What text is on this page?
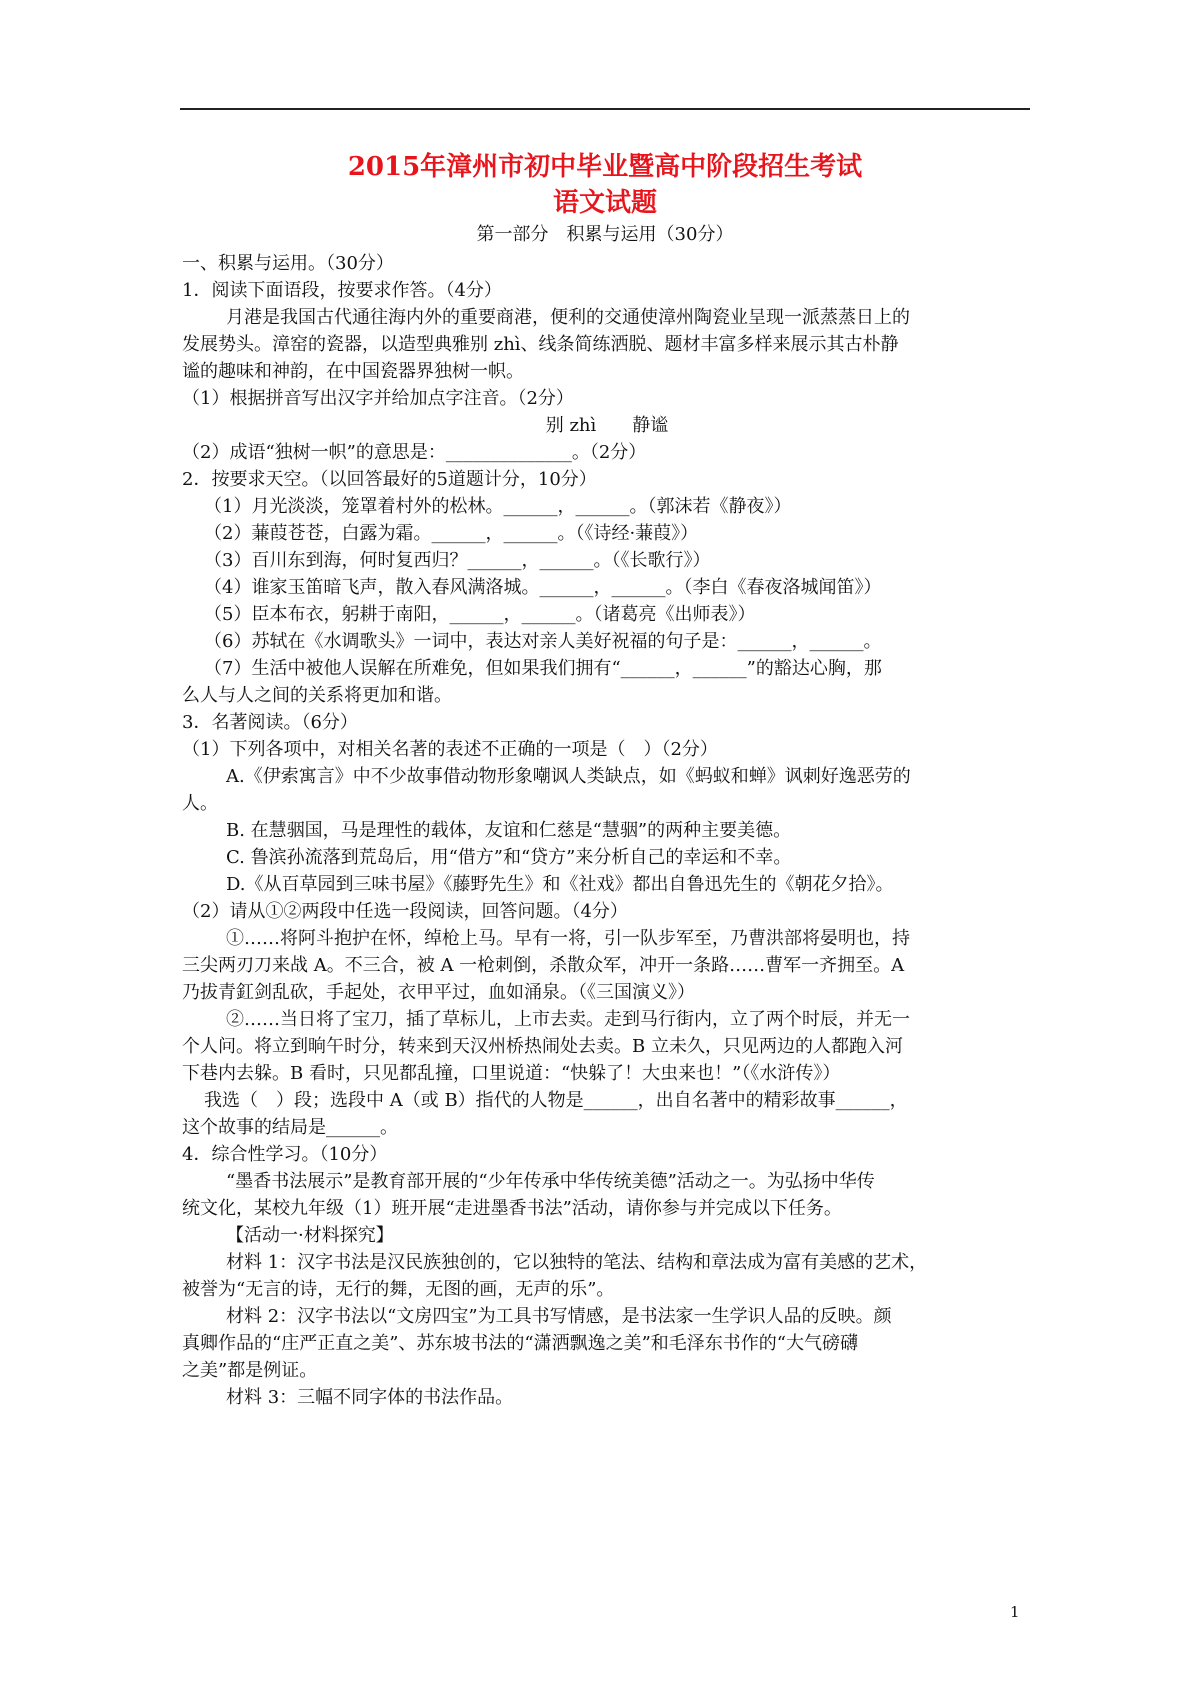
2015年漳州市初中毕业暨高中阶段招生考试
语文试题
第一部分　积累与运用（30分）
一、积累与运用。（30分）
1．阅读下面语段，按要求作答。（4分）
月港是我国古代通往海内外的重要商港，便利的交通使漳州陶瓷业呈现一派蒸蒸日上的
发展势头。漳窑的瓷器，以造型典雅别 zhì、线条简练洒脱、题材丰富多样来展示其古朴静
谧的趣味和神韵，在中国瓷器界独树一帜。
（1）根据拼音写出汉字并给加点字注音。（2分）
别 zhì　　静谧
（2）成语“独树一帜”的意思是：______________。（2分）
2．按要求天空。（以回答最好的5道题计分，10分）
（1）月光淡淡，笼罩着村外的松林。______，______。（郭沫若《静夜》）
（2）蒹葭苍苍，白露为霜。______，______。（《诗经·蒹葭》）
（3）百川东到海，何时复西归？______，______。（《长歌行》）
（4）谁家玉笛暗飞声，散入春风满洛城。______，______。（李白《春夜洛城闻笛》）
（5）臣本布衣，躬耕于南阳，______，______。（诸葛亮《出师表》）
（6）苏轼在《水调歌头》一词中，表达对亲人美好祝福的句子是：______，______。
（7）生活中被他人误解在所难免，但如果我们拥有“______，______”的豁达心胸，那
么人与人之间的关系将更加和谐。
3．名著阅读。（6分）
（1）下列各项中，对相关名著的表述不正确的一项是（　）（2分）
A.《伊索寓言》中不少故事借动物形象嘲讽人类缺点，如《蚂蚁和蝉》讽刺好逸恶劳的
人。
B. 在慧骃国，马是理性的载体，友谊和仁慈是“慧骃”的两种主要美德。
C. 鲁滨孙流落到荒岛后，用“借方”和“贷方”来分析自己的幸运和不幸。
D.《从百草园到三味书屋》《藤野先生》和《社戏》都出自鲁迅先生的《朝花夕拾》。
（2）请从①②两段中任选一段阅读，回答问题。（4分）
①……将阿斗抱护在怀，绰枪上马。早有一将，引一队步军至，乃曹洪部将晏明也，持
三尖两刃刀来战 A。不三合，被 A 一枪刺倒，杀散众军，冲开一条路……曹军一齐拥至。A
乃拔青釭剑乱砍，手起处，衣甲平过，血如涌泉。（《三国演义》）
②……当日将了宝刀，插了草标儿，上市去卖。走到马行街内，立了两个时辰，并无一
个人问。将立到晌午时分，转来到天汉州桥热闹处去卖。B 立未久，只见两边的人都跑入河
下巷内去躲。B 看时，只见都乱撞，口里说道：“快躲了！大虫来也！”（《水浒传》）
我选（　）段；选段中 A（或 B）指代的人物是______，出自名著中的精彩故事______，
这个故事的结局是______。
4．综合性学习。（10分）
“墨香书法展示”是教育部开展的“少年传承中华传统美德”活动之一。为弘扬中华传
统文化，某校九年级（1）班开展“走进墨香书法”活动，请你参与并完成以下任务。
【活动一·材料探究】
材料 1：汉字书法是汉民族独创的，它以独特的笔法、结构和章法成为富有美感的艺术，
被誉为“无言的诗，无行的舞，无图的画，无声的乐”。
材料 2：汉字书法以“文房四宝”为工具书写情感，是书法家一生学识人品的反映。颜
真卿作品的“庄严正直之美”、苏东坡书法的“潇洒飘逸之美”和毛泽东书作的“大气磅礴
之美”都是例证。
材料 3：三幅不同字体的书法作品。
1
